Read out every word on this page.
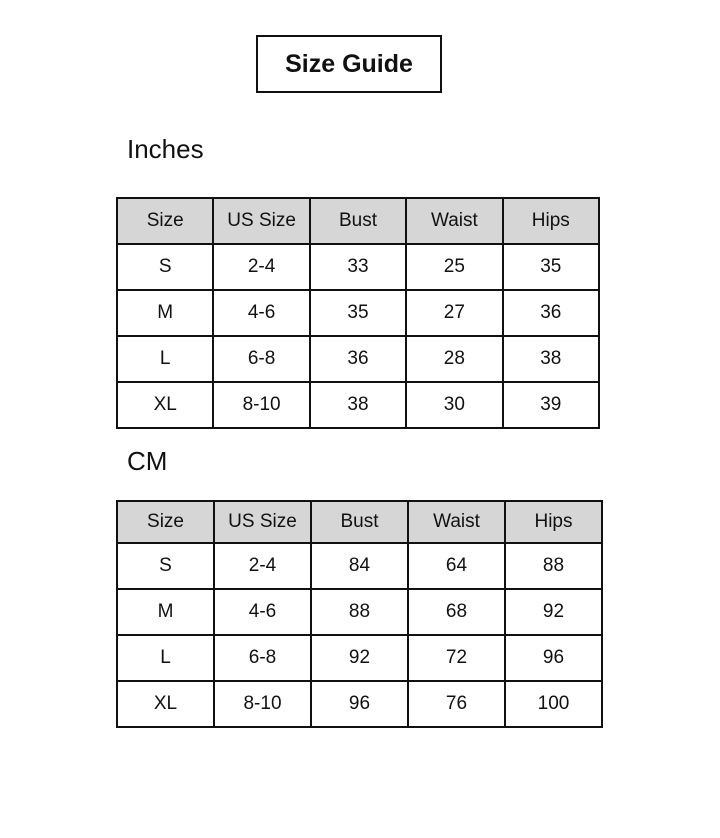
Size Guide
Inches
Size	US Size	Bust	Waist	Hips
S	2-4	33	25	35
M	4-6	35	27	36
L	6-8	36	28	38
XL	8-10	38	30	39
CM
Size	US Size	Bust	Waist	Hips
S	2-4	84	64	88
M	4-6	88	68	92
L	6-8	92	72	96
XL	8-10	96	76	100
